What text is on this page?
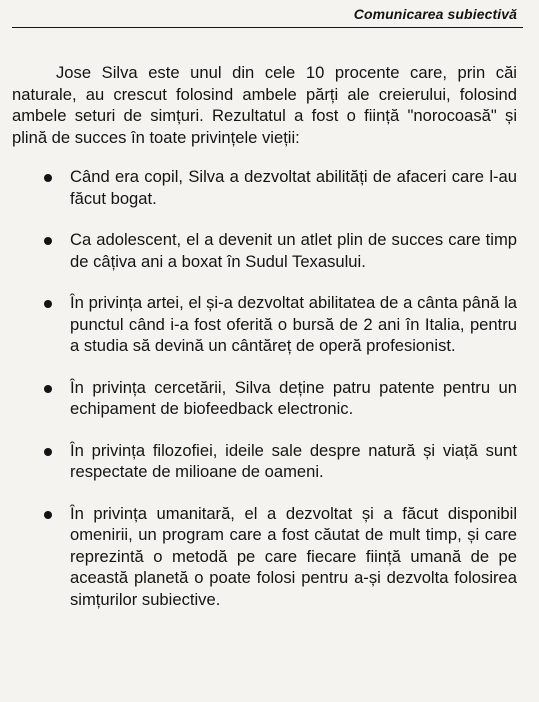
Comunicarea subiectivă

Jose Silva este unul din cele 10 procente care, prin căi naturale, au crescut folosind ambele părți ale creierului, folosind ambele seturi de simțuri. Rezultatul a fost o ființă "norocoasă" și plină de succes în toate privințele vieții:

Când era copil, Silva a dezvoltat abilități de afaceri care l-au făcut bogat.
Ca adolescent, el a devenit un atlet plin de succes care timp de câțiva ani a boxat în Sudul Texasului.
În privința artei, el și-a dezvoltat abilitatea de a cânta până la punctul când i-a fost oferită o bursă de 2 ani în Italia, pentru a studia să devină un cântăreț de operă profesionist.
În privința cercetării, Silva deține patru patente pentru un echipament de biofeedback electronic.
În privința filozofiei, ideile sale despre natură și viață sunt respectate de milioane de oameni.
În privința umanitară, el a dezvoltat și a făcut disponibil omenirii, un program care a fost căutat de mult timp, și care reprezintă o metodă pe care fiecare ființă umană de pe această planetă o poate folosi pentru a-și dezvolta folosirea simțurilor subiective.
